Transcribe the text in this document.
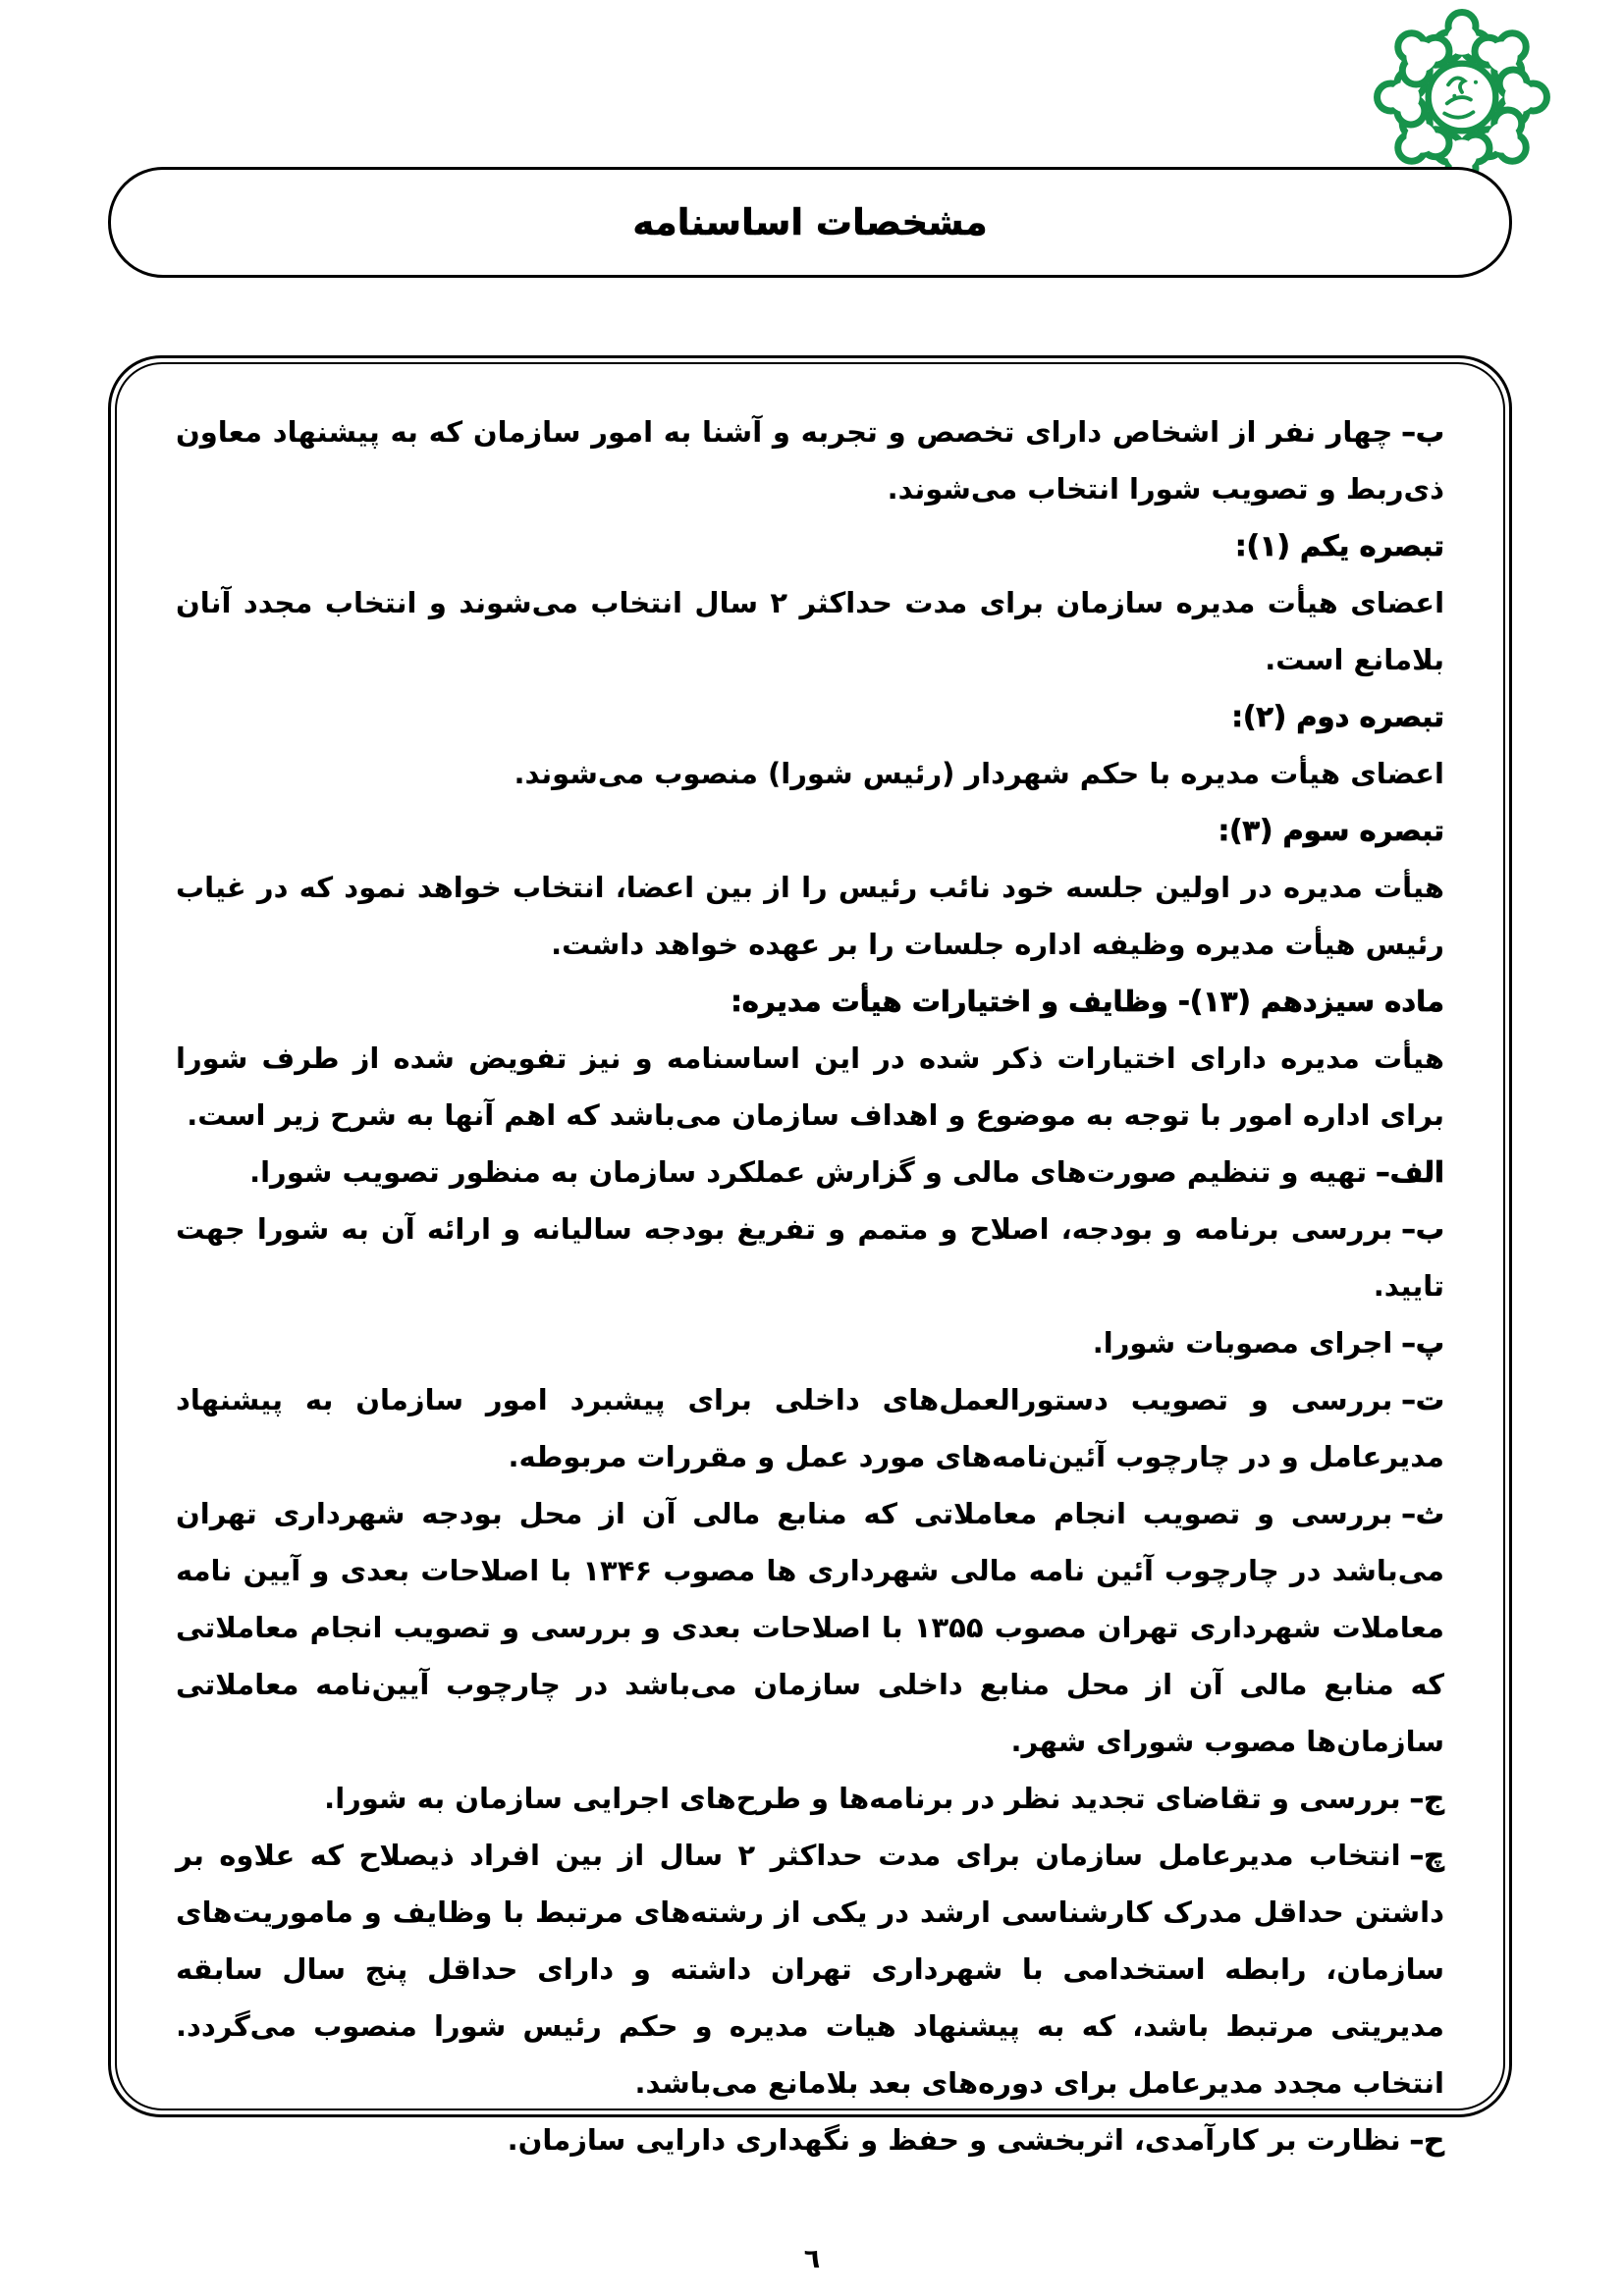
مشخصات اساسنامه

ب–چهار نفر از اشخاص دارای تخصص و تجربه و آشنا به امور سازمان که به پیشنهاد معاون ذی‌ربط و تصویب شورا انتخاب می‌شوند.

تبصره یکم (۱):

اعضای هیأت مدیره سازمان برای مدت حداکثر ۲ سال انتخاب می‌شوند و انتخاب مجدد آنان بلامانع است.

تبصره دوم (۲):

اعضای هیأت مدیره با حکم شهردار (رئیس شورا) منصوب می‌شوند.

تبصره سوم (۳):

هیأت مدیره در اولین جلسه خود نائب رئیس را از بین اعضا، انتخاب خواهد نمود که در غیاب رئیس هیأت مدیره وظیفه اداره جلسات را بر عهده خواهد داشت.

ماده سیزدهم (۱۳)- وظایف و اختیارات هیأت مدیره:

هیأت مدیره دارای اختیارات ذکر شده در این اساسنامه و نیز تفویض شده از طرف شورا برای اداره امور با توجه به موضوع و اهداف سازمان می‌باشد که اهم آنها به شرح زیر است.

الف–تهیه و تنظیم صورت‌های مالی و گزارش عملکرد سازمان به منظور تصویب شورا.

ب–بررسی برنامه و بودجه، اصلاح و متمم و تفریغ بودجه سالیانه و ارائه آن به شورا جهت تایید.

پ–اجرای مصوبات شورا.

ت–بررسی و تصویب دستورالعمل‌های داخلی برای پیشبرد امور سازمان به پیشنهاد مدیرعامل و در چارچوب آئین‌نامه‌های مورد عمل و مقررات مربوطه.

ث–بررسی و تصویب انجام معاملاتی که منابع مالی آن از محل بودجه شهرداری تهران می‌باشد در چارچوب آئین نامه مالی شهرداری ها مصوب ۱۳۴۶ با اصلاحات بعدی و آیین نامه معاملات شهرداری تهران مصوب ۱۳۵۵ با اصلاحات بعدی و بررسی و تصویب انجام معاملاتی که منابع مالی آن از محل منابع داخلی سازمان می‌باشد در چارچوب آیین‌نامه معاملاتی سازمان‌ها مصوب شورای شهر.

ج–بررسی و تقاضای تجدید نظر در برنامه‌ها و طرح‌های اجرایی سازمان به شورا.

چ–انتخاب مدیرعامل سازمان برای مدت حداکثر ۲ سال از بین افراد ذیصلاح که علاوه بر داشتن حداقل مدرک کارشناسی ارشد در یکی از رشته‌های مرتبط با وظایف و ماموریت‌های سازمان، رابطه استخدامی با شهرداری تهران داشته و دارای حداقل پنج سال سابقه مدیریتی مرتبط باشد، که به پیشنهاد هیات مدیره و حکم رئیس شورا منصوب می‌گردد. انتخاب مجدد مدیرعامل برای دوره‌های بعد بلامانع می‌باشد.

ح–نظارت بر کارآمدی، اثربخشی و حفظ و نگهداری دارایی سازمان.

٦
